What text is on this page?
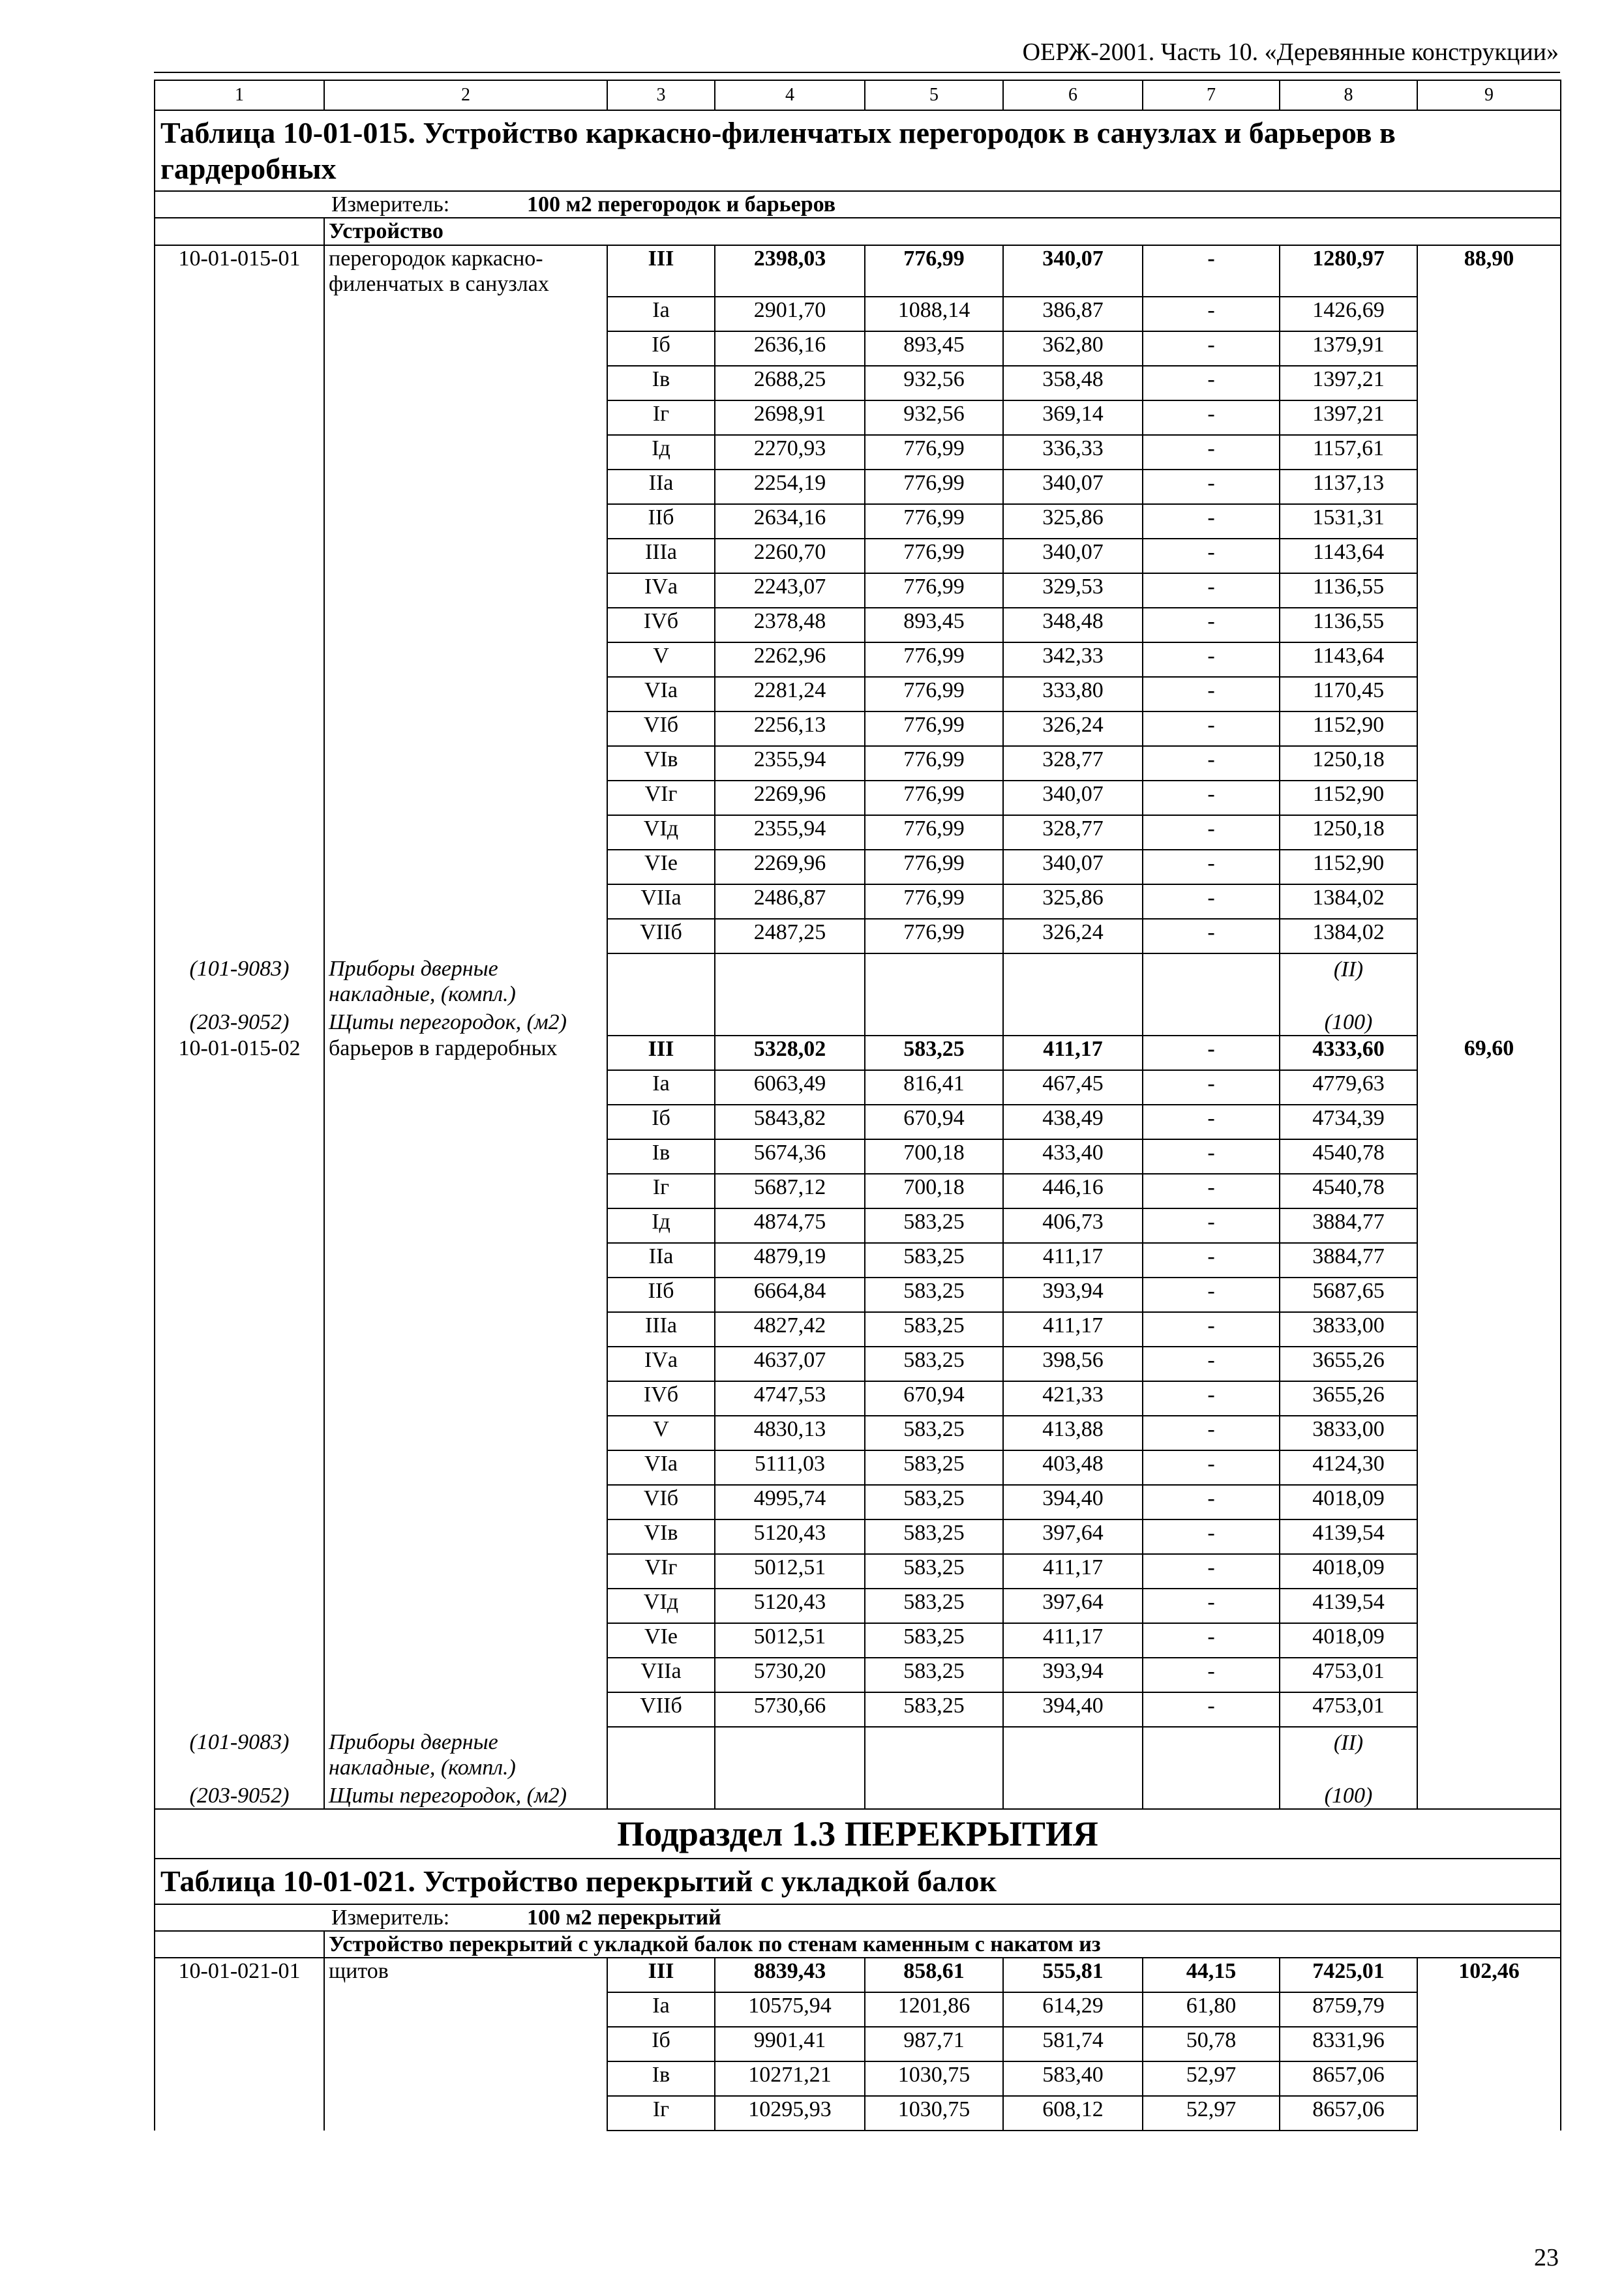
ОЕРЖ-2001. Часть 10. «Деревянные конструкции»
1	2	3	4	5	6	7	8	9
Таблица 10-01-015. Устройство каркасно-филенчатых перегородок в санузлах и барьеров в гардеробных								
Измеритель: 100 м2 перегородок и барьеров								
	Устройство							
10-01-015-01	перегородок каркасно-филенчатых в санузлах	III	2398,03	776,99	340,07	-	1280,97	88,90
		Iа	2901,70	1088,14	386,87	-	1426,69	
		Iб	2636,16	893,45	362,80	-	1379,91	
		Iв	2688,25	932,56	358,48	-	1397,21	
		Iг	2698,91	932,56	369,14	-	1397,21	
		Iд	2270,93	776,99	336,33	-	1157,61	
		IIа	2254,19	776,99	340,07	-	1137,13	
		IIб	2634,16	776,99	325,86	-	1531,31	
		IIIа	2260,70	776,99	340,07	-	1143,64	
		IVа	2243,07	776,99	329,53	-	1136,55	
		IVб	2378,48	893,45	348,48	-	1136,55	
		V	2262,96	776,99	342,33	-	1143,64	
		VIа	2281,24	776,99	333,80	-	1170,45	
		VIб	2256,13	776,99	326,24	-	1152,90	
		VIв	2355,94	776,99	328,77	-	1250,18	
		VIг	2269,96	776,99	340,07	-	1152,90	
		VIд	2355,94	776,99	328,77	-	1250,18	
		VIе	2269,96	776,99	340,07	-	1152,90	
		VIIа	2486,87	776,99	325,86	-	1384,02	
		VIIб	2487,25	776,99	326,24	-	1384,02	
(101-9083)	Приборы дверные накладные, (компл.)						(II)	
(203-9052)	Щиты перегородок, (м2)						(100)	
10-01-015-02	барьеров в гардеробных	III	5328,02	583,25	411,17	-	4333,60	69,60
		Iа	6063,49	816,41	467,45	-	4779,63	
		Iб	5843,82	670,94	438,49	-	4734,39	
		Iв	5674,36	700,18	433,40	-	4540,78	
		Iг	5687,12	700,18	446,16	-	4540,78	
		Iд	4874,75	583,25	406,73	-	3884,77	
		IIа	4879,19	583,25	411,17	-	3884,77	
		IIб	6664,84	583,25	393,94	-	5687,65	
		IIIа	4827,42	583,25	411,17	-	3833,00	
		IVа	4637,07	583,25	398,56	-	3655,26	
		IVб	4747,53	670,94	421,33	-	3655,26	
		V	4830,13	583,25	413,88	-	3833,00	
		VIа	5111,03	583,25	403,48	-	4124,30	
		VIб	4995,74	583,25	394,40	-	4018,09	
		VIв	5120,43	583,25	397,64	-	4139,54	
		VIг	5012,51	583,25	411,17	-	4018,09	
		VIд	5120,43	583,25	397,64	-	4139,54	
		VIе	5012,51	583,25	411,17	-	4018,09	
		VIIа	5730,20	583,25	393,94	-	4753,01	
		VIIб	5730,66	583,25	394,40	-	4753,01	
(101-9083)	Приборы дверные накладные, (компл.)						(II)	
(203-9052)	Щиты перегородок, (м2)						(100)	
Подраздел 1.3 ПЕРЕКРЫТИЯ								
Таблица 10-01-021. Устройство перекрытий с укладкой балок								
Измеритель: 100 м2 перекрытий								
	Устройство перекрытий с укладкой балок по стенам каменным с накатом из							
10-01-021-01	щитов	III	8839,43	858,61	555,81	44,15	7425,01	102,46
		Iа	10575,94	1201,86	614,29	61,80	8759,79	
		Iб	9901,41	987,71	581,74	50,78	8331,96	
		Iв	10271,21	1030,75	583,40	52,97	8657,06	
		Iг	10295,93	1030,75	608,12	52,97	8657,06	
23
